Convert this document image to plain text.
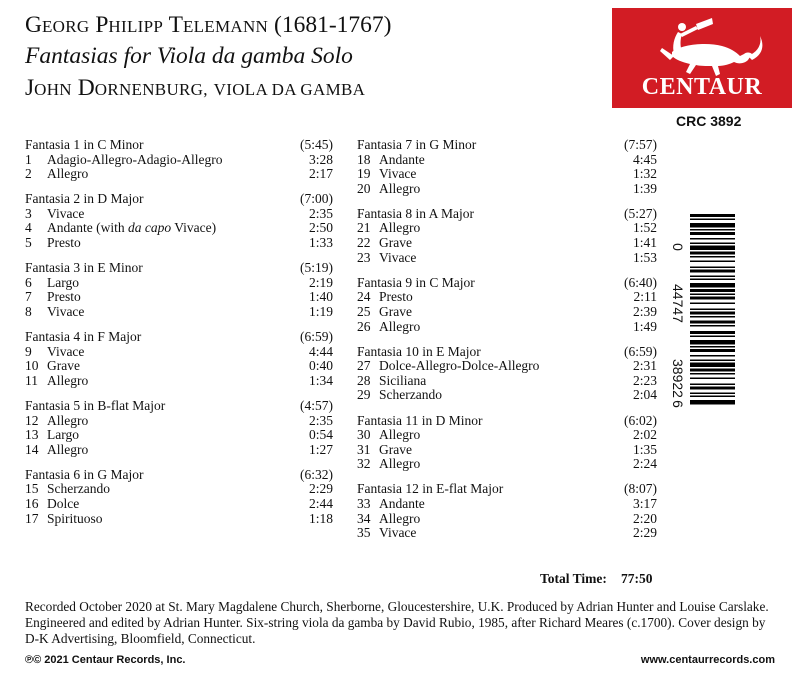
GEORG PHILIPP TELEMANN (1681-1767)
Fantasias for Viola da gamba Solo
JOHN DORNENBURG, VIOLA DA GAMBA	CENTAUR
CRC 3892
Fantasia 1 in C Minor	(5:45)
1 Adagio-Allegro-Adagio-Allegro	3:28
2 Allegro	2:17
Fantasia 2 in D Major	(7:00)
3 Vivace	2:35
4 Andante (with da capo Vivace)	2:50
5 Presto	1:33
Fantasia 3 in E Minor	(5:19)
6 Largo	2:19
7 Presto	1:40
8 Vivace	1:19
Fantasia 4 in F Major	(6:59)
9 Vivace	4:44
10 Grave	0:40
11 Allegro	1:34
Fantasia 5 in B-flat Major	(4:57)
12 Allegro	2:35
13 Largo	0:54
14 Allegro	1:27
Fantasia 6 in G Major	(6:32)
15 Scherzando	2:29
16 Dolce	2:44
17 Spirituoso	1:18
Fantasia 7 in G Minor	(7:57)
18 Andante	4:45
19 Vivace	1:32
20 Allegro	1:39
Fantasia 8 in A Major	(5:27)
21 Allegro	1:52
22 Grave	1:41
23 Vivace	1:53
Fantasia 9 in C Major	(6:40)
24 Presto	2:11
25 Grave	2:39
26 Allegro	1:49
Fantasia 10 in E Major	(6:59)
27 Dolce-Allegro-Dolce-Allegro	2:31
28 Siciliana	2:23
29 Scherzando	2:04
Fantasia 11 in D Minor	(6:02)
30 Allegro	2:02
31 Grave	1:35
32 Allegro	2:24
Fantasia 12 in E-flat Major	(8:07)
33 Andante	3:17
34 Allegro	2:20
35 Vivace	2:29
0
44747
38922
6
Total Time: 77:50
Recorded October 2020 at St. Mary Magdalene Church, Sherborne, Gloucestershire, U.K. Produced by Adrian Hunter and Louise Carslake. Engineered and edited by Adrian Hunter. Six-string viola da gamba by David Rubio, 1985, after Richard Meares (c.1700). Cover design by D-K Advertising, Bloomfield, Connecticut.
℗© 2021 Centaur Records, Inc.	www.centaurrecords.com
